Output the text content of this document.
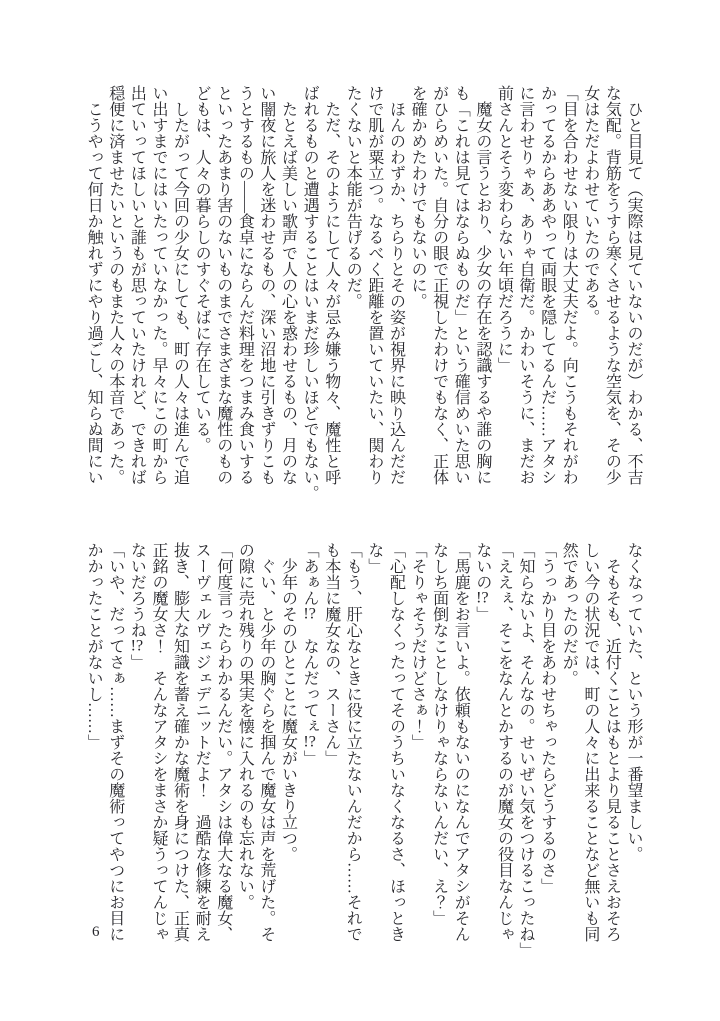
　ひと目見て（実際は見ていないのだが）わかる、不吉
な気配。背筋をうすら寒くさせるような空気を、その少
女はただよわせていたのである。
「目を合わせない限りは大丈夫だよ。向こうもそれがわ
かってるからああやって両眼を隠してるんだ……アタシ
に言わせりゃあ、ありゃ自衛だ。かわいそうに、まだお
前さんとそう変わらない年頃だろうに」
　魔女の言うとおり、少女の存在を認識するや誰の胸に
も「これは見てはならぬものだ」という確信めいた思い
がひらめいた。自分の眼で正視したわけでもなく、正体
を確かめたわけでもないのに。
　ほんのわずか、ちらりとその姿が視界に映り込んだだ
けで肌が粟立つ。なるべく距離を置いていたい、関わり
たくないと本能が告げるのだ。
　ただ、そのようにして人々が忌み嫌う物々、魔性と呼
ばれるものと遭遇することはいまだ珍しいほどでもない。
　たとえば美しい歌声で人の心を惑わせるもの、月のな
い闇夜に旅人を迷わせるもの、深い沼地に引きずりこも
うとするもの――食卓にならんだ料理をつまみ食いする
といったあまり害のないものまでさまざまな魔性のもの
どもは、人々の暮らしのすぐそばに存在している。
　したがって今回の少女にしても、町の人々は進んで追
い出すまでにはいたっていなかった。早々にこの町から
出ていってほしいと誰もが思っていたけれど、できれば
穏便に済ませたいというのもまた人々の本音であった。
　こうやって何日か触れずにやり過ごし、知らぬ間にい
なくなっていた、という形が一番望ましい。
　そもそも、近付くことはもとより見ることさえおそろ
しい今の状況では、町の人々に出来ることなど無いも同
然であったのだが。
「うっかり目をあわせちゃったらどうするのさ」
「知らないよ、そんなの。せいぜい気をつけるこったね」
「ええぇ、そこをなんとかするのが魔女の役目なんじゃ
ないの!?」
「馬鹿をお言いよ。依頼もないのになんでアタシがそん
なしち面倒なことしなけりゃならないんだい、え？」
「そりゃそうだけどさぁ！」
「心配しなくったってそのうちいなくなるさ、ほっとき
な」
「もう、肝心なときに役に立たないんだから……それで
も本当に魔女なの、スーさん」
「あぁん!?　なんだってぇ!?」
　少年のそのひとことに魔女がいきり立つ。
　ぐい、と少年の胸ぐらを掴んで魔女は声を荒げた。そ
の隙に売れ残りの果実を懐に入れるのも忘れない。
「何度言ったらわかるんだい。アタシは偉大なる魔女、
スーヴェルヴェジェデニットだよ！　過酷な修練を耐え
抜き、膨大な知識を蓄え確かな魔術を身につけた、正真
正銘の魔女さ！　そんなアタシをまさか疑うってんじゃ
ないだろうね!?」
「いや、だってさぁ……まずその魔術ってやつにお目に
かかったことがないし……」
6
